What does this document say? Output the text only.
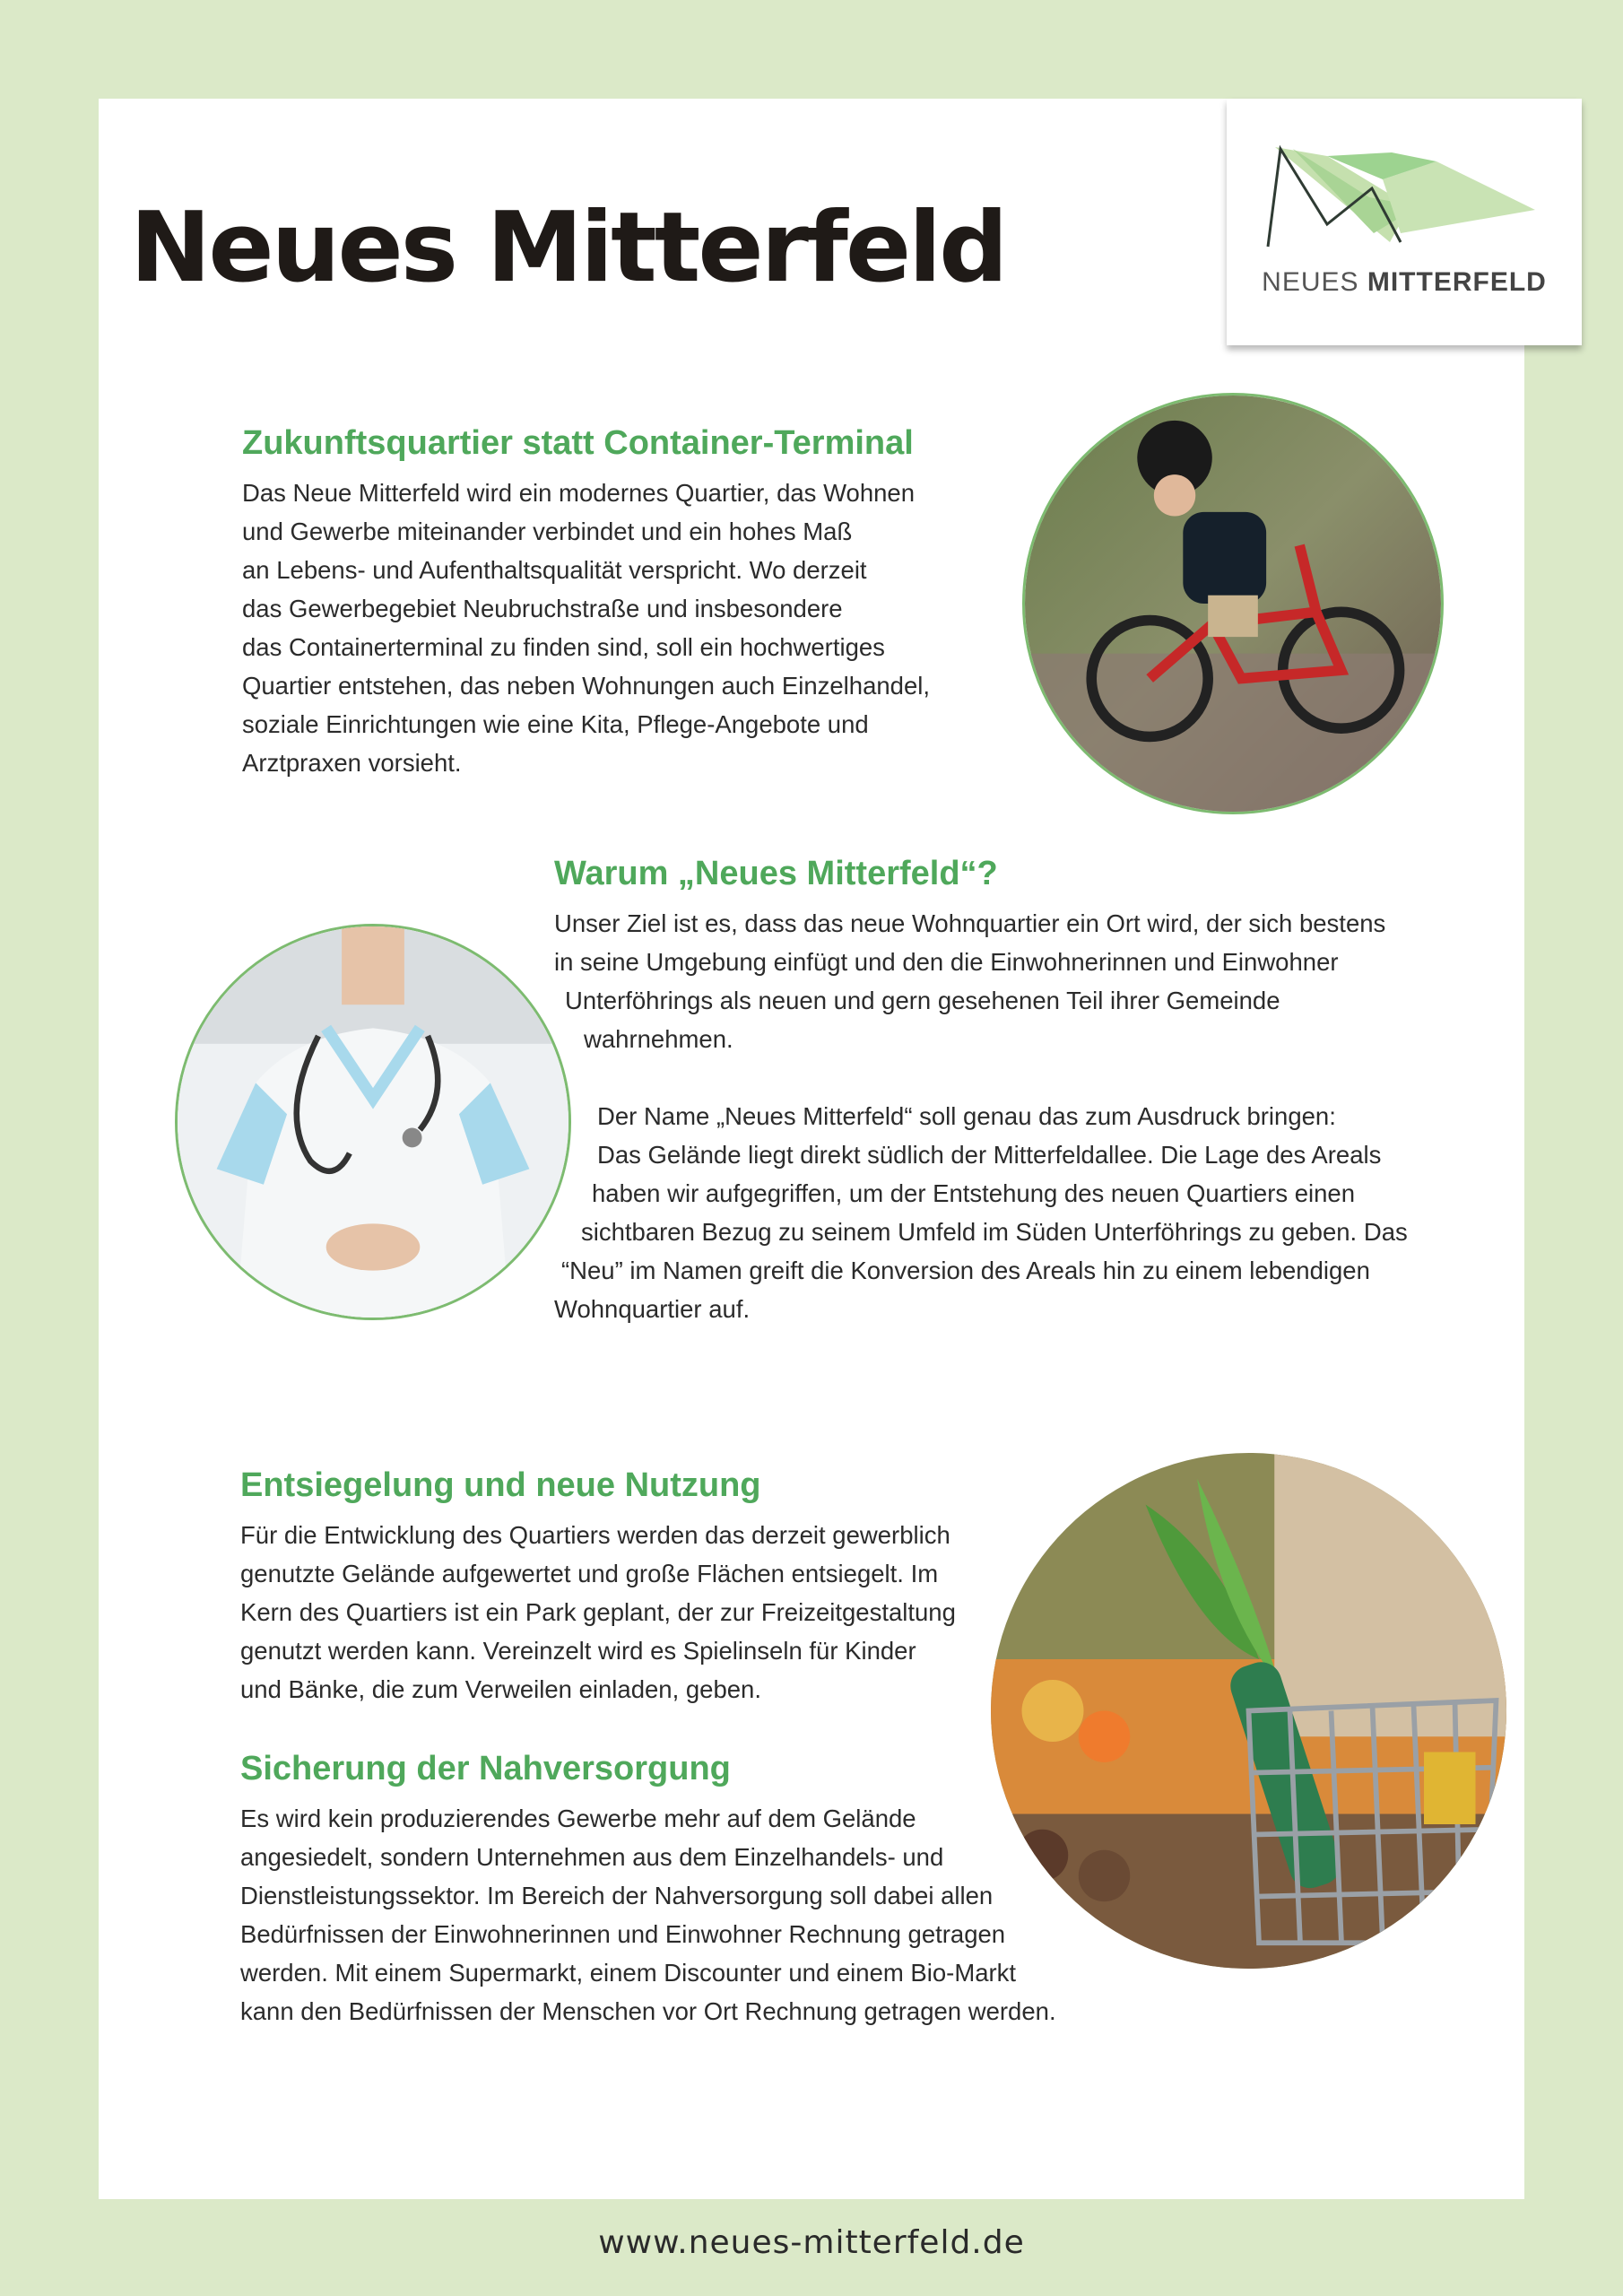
NEUES MITTERFELD
Neues Mitterfeld
Zukunftsquartier statt Container-Terminal

Das Neue Mitterfeld wird ein modernes Quartier, das Wohnen
und Gewerbe miteinander verbindet und ein hohes Maß
an Lebens- und Aufenthaltsqualität verspricht. Wo derzeit
das Gewerbegebiet Neubruchstraße und insbesondere
das Containerterminal zu finden sind, soll ein hochwertiges
Quartier entstehen, das neben Wohnungen auch Einzelhandel,
soziale Einrichtungen wie eine Kita, Pflege-Angebote und
Arztpraxen vorsieht.

Warum „Neues Mitterfeld“?

Unser Ziel ist es, dass das neue Wohnquartier ein Ort wird, der sich bestens
in seine Umgebung einfügt und den die Einwohnerinnen und Einwohner
Unterföhrings als neuen und gern gesehenen Teil ihrer Gemeinde
wahrnehmen.

Der Name „Neues Mitterfeld“ soll genau das zum Ausdruck bringen:
Das Gelände liegt direkt südlich der Mitterfeldallee. Die Lage des Areals
haben wir aufgegriffen, um der Entstehung des neuen Quartiers einen
sichtbaren Bezug zu seinem Umfeld im Süden Unterföhrings zu geben. Das
“Neu” im Namen greift die Konversion des Areals hin zu einem lebendigen
Wohnquartier auf.

Entsiegelung und neue Nutzung

Für die Entwicklung des Quartiers werden das derzeit gewerblich
genutzte Gelände aufgewertet und große Flächen entsiegelt. Im
Kern des Quartiers ist ein Park geplant, der zur Freizeitgestaltung
genutzt werden kann. Vereinzelt wird es Spielinseln für Kinder
und Bänke, die zum Verweilen einladen, geben.

Sicherung der Nahversorgung

Es wird kein produzierendes Gewerbe mehr auf dem Gelände
angesiedelt, sondern Unternehmen aus dem Einzelhandels- und
Dienstleistungssektor. Im Bereich der Nahversorgung soll dabei allen
Bedürfnissen der Einwohnerinnen und Einwohner Rechnung getragen
werden. Mit einem Supermarkt, einem Discounter und einem Bio-Markt
kann den Bedürfnissen der Menschen vor Ort Rechnung getragen werden.

www.neues-mitterfeld.de
